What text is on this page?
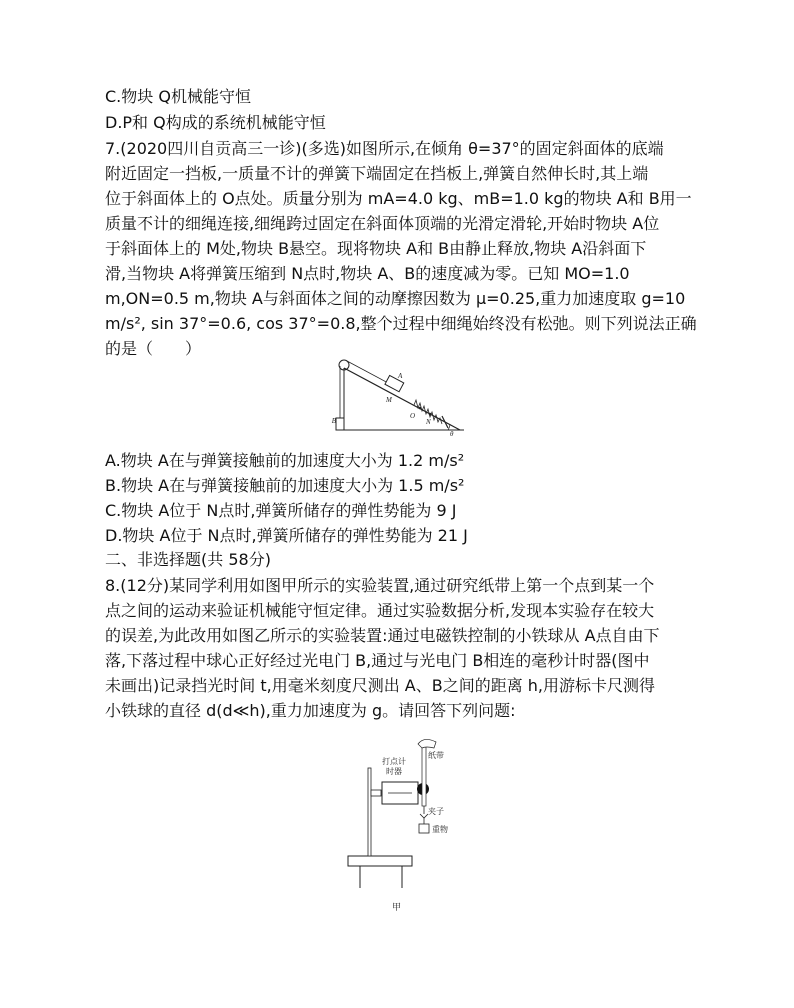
C.物块 Q机械能守恒
D.P和 Q构成的系统机械能守恒
7.(2020四川自贡高三一诊)(多选)如图所示,在倾角 θ=37°的固定斜面体的底端
附近固定一挡板,一质量不计的弹簧下端固定在挡板上,弹簧自然伸长时,其上端
位于斜面体上的 O点处。质量分别为 mA=4.0 kg、mB=1.0 kg的物块 A和 B用一
质量不计的细绳连接,细绳跨过固定在斜面体顶端的光滑定滑轮,开始时物块 A位
于斜面体上的 M处,物块 B悬空。现将物块 A和 B由静止释放,物块 A沿斜面下
滑,当物块 A将弹簧压缩到 N点时,物块 A、B的速度减为零。已知 MO=1.0
m,ON=0.5 m,物块 A与斜面体之间的动摩擦因数为 μ=0.25,重力加速度取 g=10
m/s², sin 37°=0.6, cos 37°=0.8,整个过程中细绳始终没有松弛。则下列说法正确
的是（　　）
B
A
M
O
N
θ
A.物块 A在与弹簧接触前的加速度大小为 1.2 m/s²
B.物块 A在与弹簧接触前的加速度大小为 1.5 m/s²
C.物块 A位于 N点时,弹簧所储存的弹性势能为 9 J
D.物块 A位于 N点时,弹簧所储存的弹性势能为 21 J
二、非选择题(共 58分)
8.(12分)某同学利用如图甲所示的实验装置,通过研究纸带上第一个点到某一个
点之间的运动来验证机械能守恒定律。通过实验数据分析,发现本实验存在较大
的误差,为此改用如图乙所示的实验装置:通过电磁铁控制的小铁球从 A点自由下
落,下落过程中球心正好经过光电门 B,通过与光电门 B相连的毫秒计时器(图中
未画出)记录挡光时间 t,用毫米刻度尺测出 A、B之间的距离 h,用游标卡尺测得
小铁球的直径 d(d≪h),重力加速度为 g。请回答下列问题:
打点计
时器
纸带
夹子
重物
甲
